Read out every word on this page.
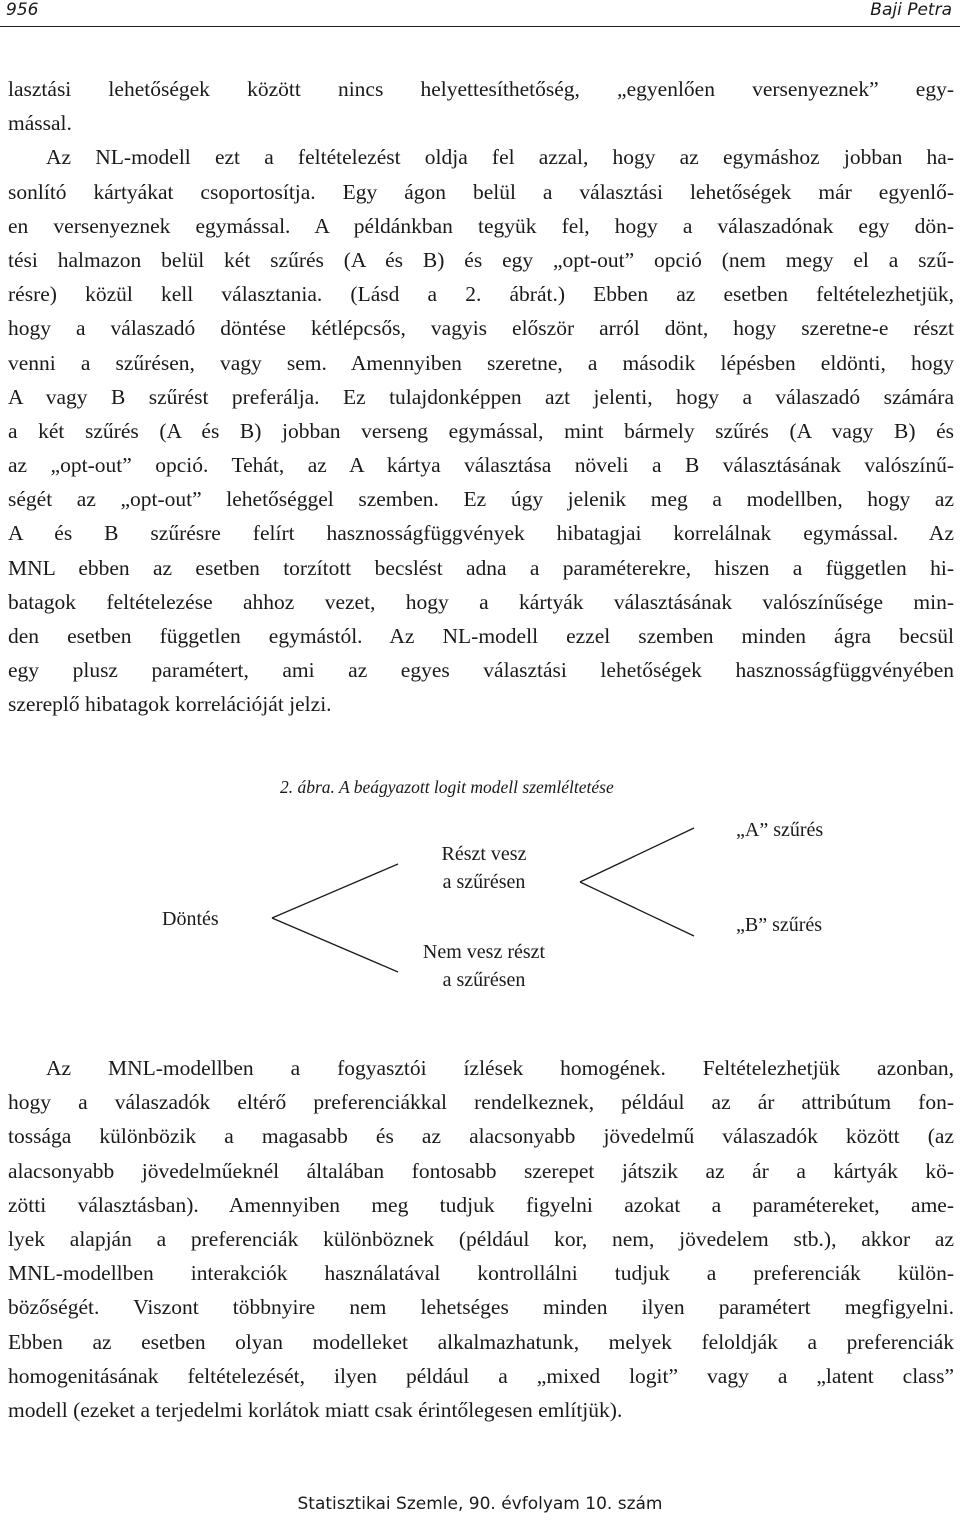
956	Baji Petra
lasztási lehetőségek között nincs helyettesíthetőség, „egyenlően versenyeznek” egy-
mással.
Az NL-modell ezt a feltételezést oldja fel azzal, hogy az egymáshoz jobban ha-
sonlító kártyákat csoportosítja. Egy ágon belül a választási lehetőségek már egyenlő-
en versenyeznek egymással. A példánkban tegyük fel, hogy a válaszadónak egy dön-
tési halmazon belül két szűrés (A és B) és egy „opt-out” opció (nem megy el a szű-
résre) közül kell választania. (Lásd a 2. ábrát.) Ebben az esetben feltételezhetjük,
hogy a válaszadó döntése kétlépcsős, vagyis először arról dönt, hogy szeretne-e részt
venni a szűrésen, vagy sem. Amennyiben szeretne, a második lépésben eldönti, hogy
A vagy B szűrést preferálja. Ez tulajdonképpen azt jelenti, hogy a válaszadó számára
a két szűrés (A és B) jobban verseng egymással, mint bármely szűrés (A vagy B) és
az „opt-out” opció. Tehát, az A kártya választása növeli a B választásának valószínű-
ségét az „opt-out” lehetőséggel szemben. Ez úgy jelenik meg a modellben, hogy az
A és B szűrésre felírt hasznosságfüggvények hibatagjai korrelálnak egymással. Az
MNL ebben az esetben torzított becslést adna a paraméterekre, hiszen a független hi-
batagok feltételezése ahhoz vezet, hogy a kártyák választásának valószínűsége min-
den esetben független egymástól. Az NL-modell ezzel szemben minden ágra becsül
egy plusz paramétert, ami az egyes választási lehetőségek hasznosságfüggvényében
szereplő hibatagok korrelációját jelzi.
2. ábra. A beágyazott logit modell szemléltetése
Döntés
Részt vesz
a szűrésen
Nem vesz részt
a szűrésen
„A” szűrés
„B” szűrés
Az MNL-modellben a fogyasztói ízlések homogének. Feltételezhetjük azonban,
hogy a válaszadók eltérő preferenciákkal rendelkeznek, például az ár attribútum fon-
tossága különbözik a magasabb és az alacsonyabb jövedelmű válaszadók között (az
alacsonyabb jövedelműeknél általában fontosabb szerepet játszik az ár a kártyák kö-
zötti választásban). Amennyiben meg tudjuk figyelni azokat a paramétereket, ame-
lyek alapján a preferenciák különböznek (például kor, nem, jövedelem stb.), akkor az
MNL-modellben interakciók használatával kontrollálni tudjuk a preferenciák külön-
bözőségét. Viszont többnyire nem lehetséges minden ilyen paramétert megfigyelni.
Ebben az esetben olyan modelleket alkalmazhatunk, melyek feloldják a preferenciák
homogenitásának feltételezését, ilyen például a „mixed logit” vagy a „latent class”
modell (ezeket a terjedelmi korlátok miatt csak érintőlegesen említjük).
Statisztikai Szemle, 90. évfolyam 10. szám
